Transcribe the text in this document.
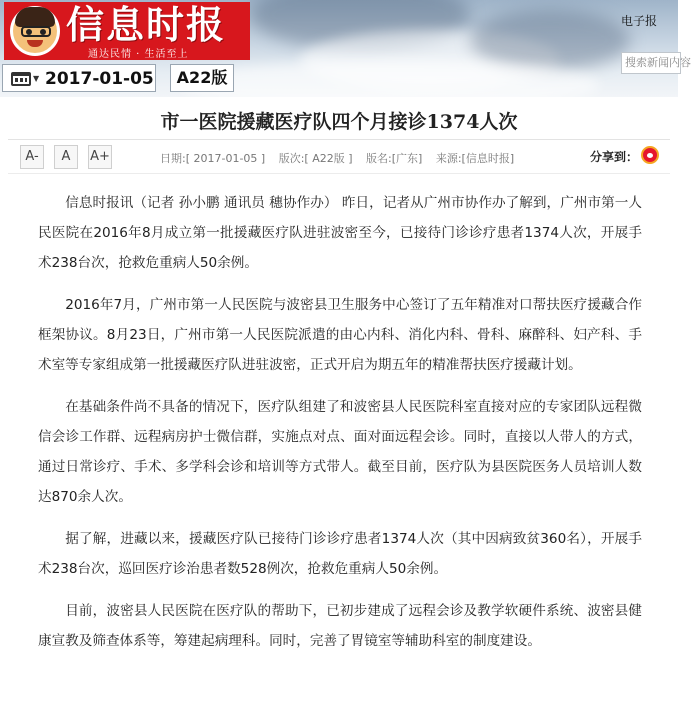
信息时报
通达民情 · 生活至上
▼ 2017-01-05	A22版
电子报
搜索新闻内容
市一医院援藏医疗队四个月接诊1374人次
A-	A	A+	日期:[ 2017-01-05 ] 版次:[ A22版 ] 版名:[广东] 来源:[信息时报]	分享到：

信息时报讯（记者 孙小鹏 通讯员 穗协作办） 昨日，记者从广州市协作办了解到，广州市第一人民医院在2016年8月成立第一批援藏医疗队进驻波密至今，已接待门诊诊疗患者1374人次，开展手术238台次，抢救危重病人50余例。

2016年7月，广州市第一人民医院与波密县卫生服务中心签订了五年精准对口帮扶医疗援藏合作框架协议。8月23日，广州市第一人民医院派遣的由心内科、消化内科、骨科、麻醉科、妇产科、手术室等专家组成第一批援藏医疗队进驻波密，正式开启为期五年的精准帮扶医疗援藏计划。

在基础条件尚不具备的情况下，医疗队组建了和波密县人民医院科室直接对应的专家团队远程微信会诊工作群、远程病房护士微信群，实施点对点、面对面远程会诊。同时，直接以人带人的方式，通过日常诊疗、手术、多学科会诊和培训等方式带人。截至目前，医疗队为县医院医务人员培训人数达870余人次。

据了解，进藏以来，援藏医疗队已接待门诊诊疗患者1374人次（其中因病致贫360名），开展手术238台次，巡回医疗诊治患者数528例次，抢救危重病人50余例。

目前，波密县人民医院在医疗队的帮助下，已初步建成了远程会诊及教学软硬件系统、波密县健康宣教及筛查体系等，筹建起病理科。同时，完善了胃镜室等辅助科室的制度建设。
